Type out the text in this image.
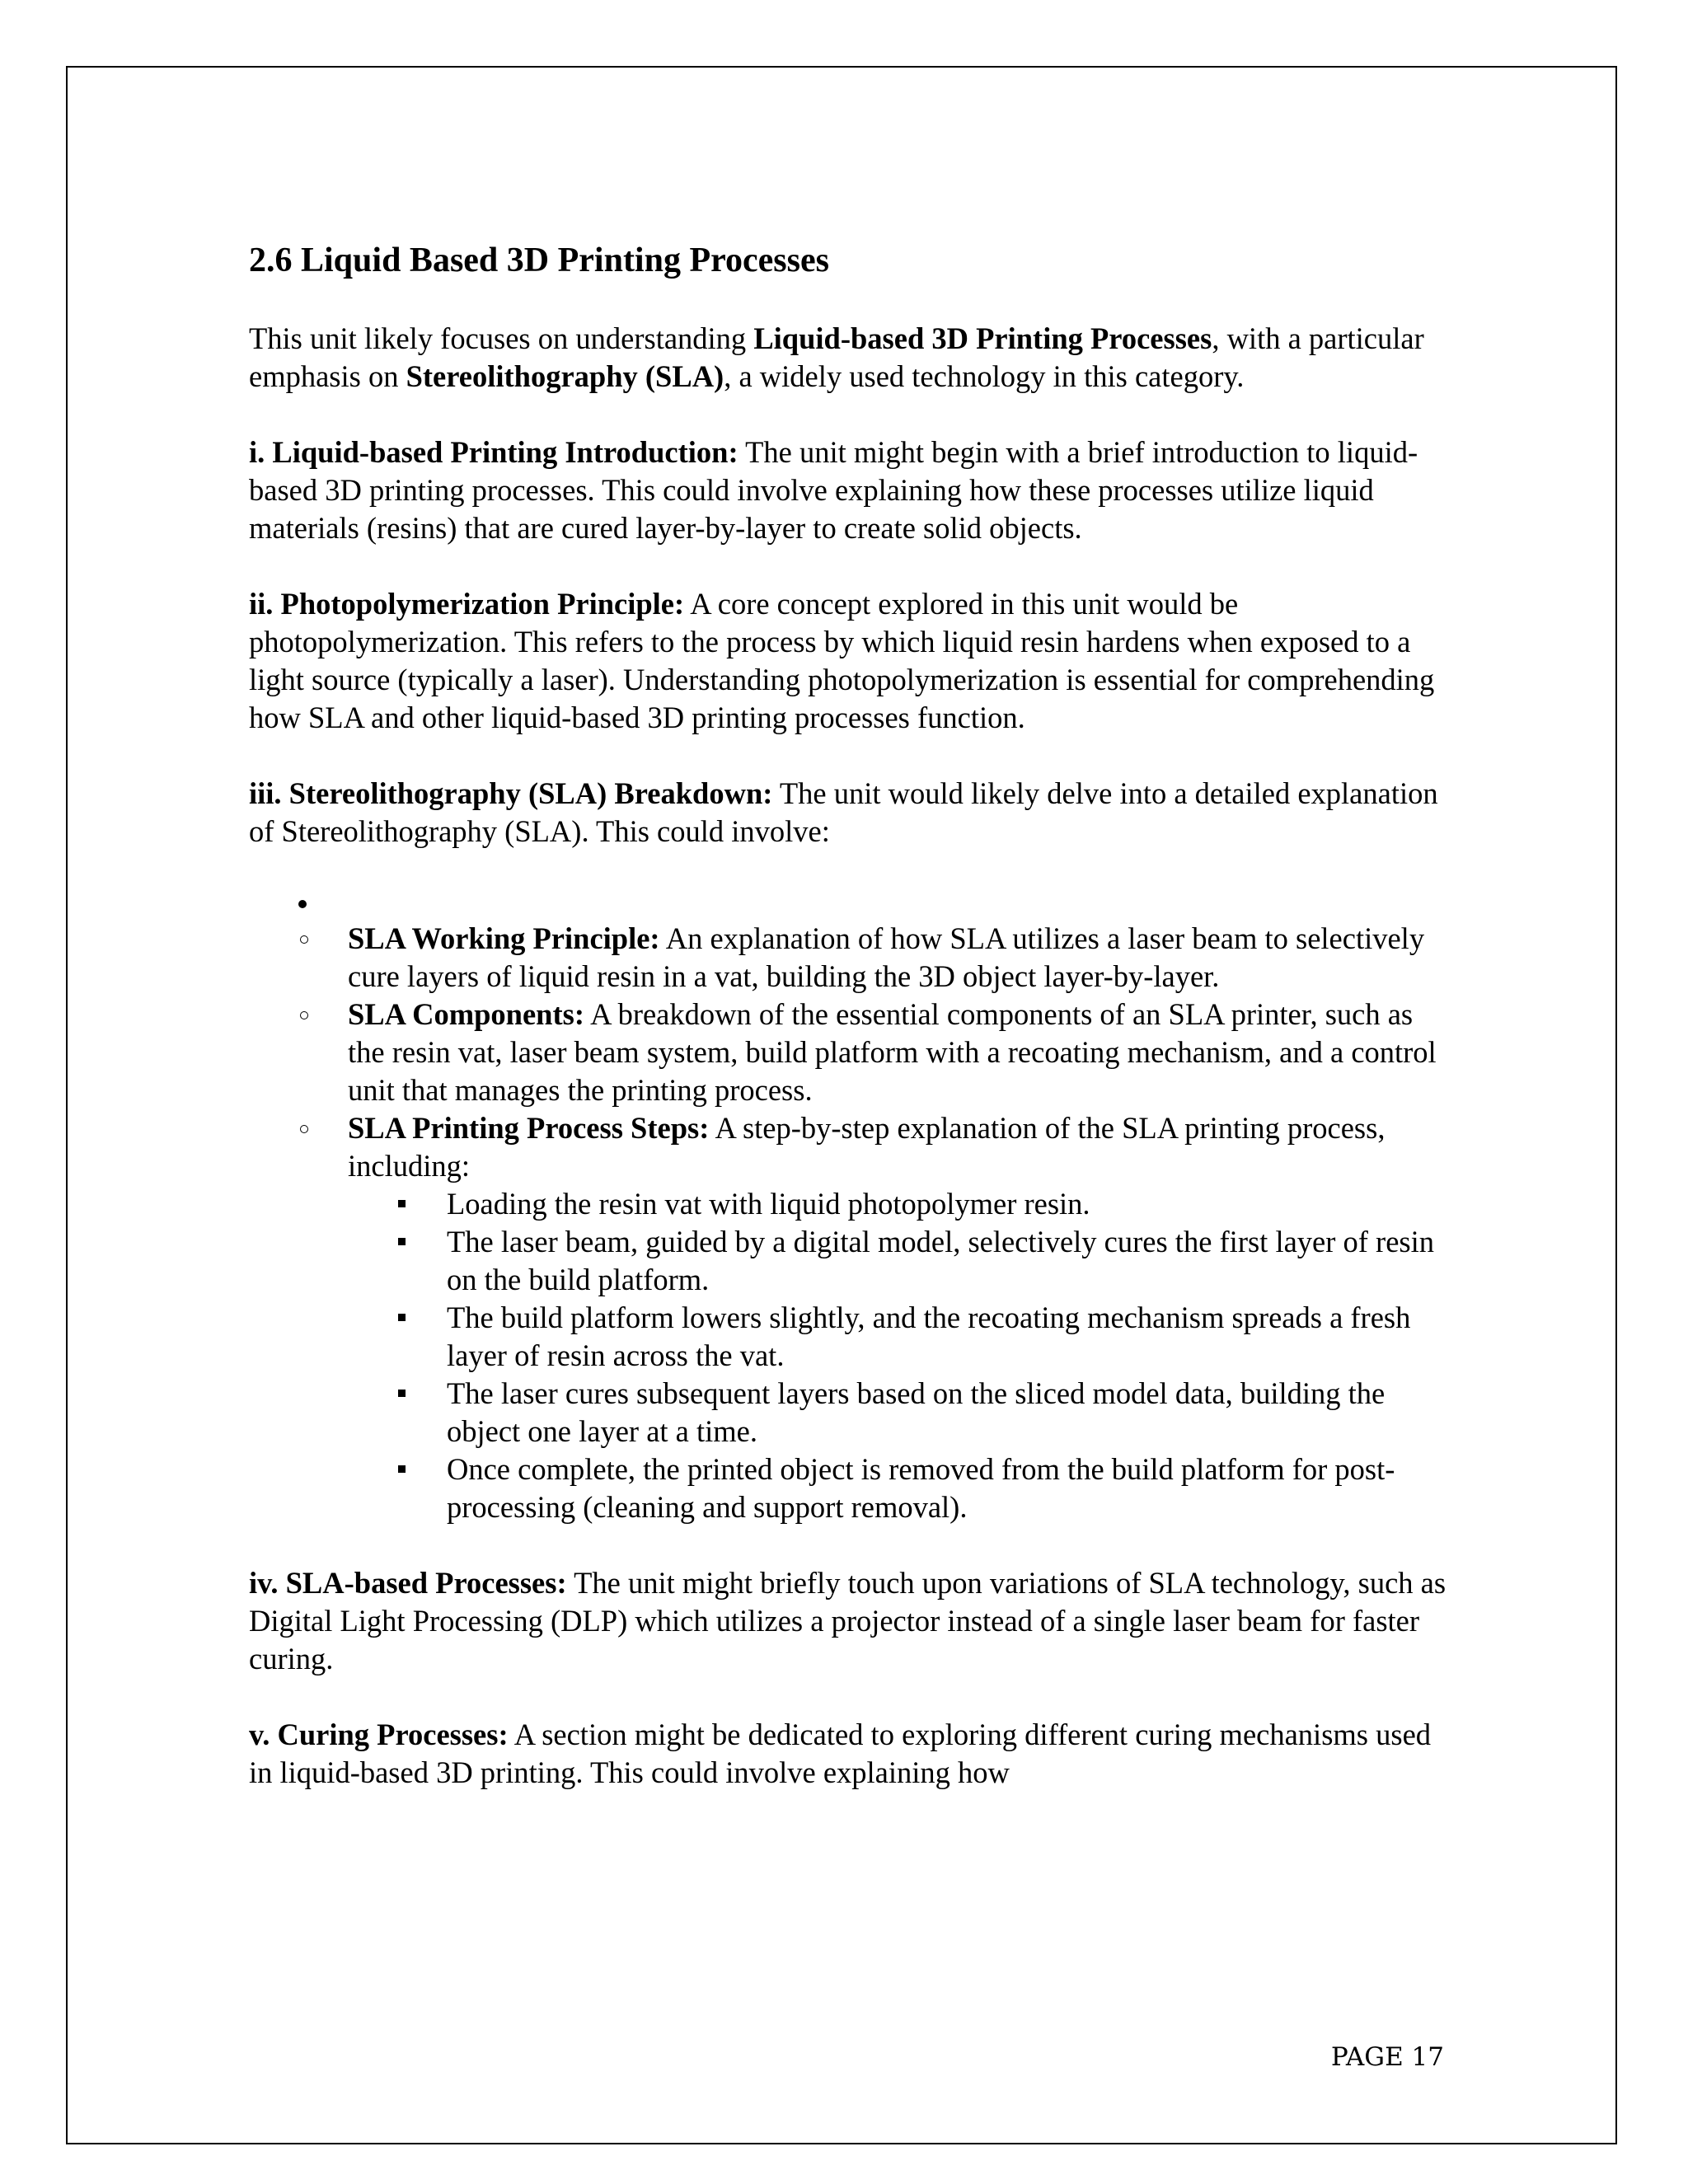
2.6 Liquid Based 3D Printing Processes

This unit likely focuses on understanding Liquid-based 3D Printing Processes, with a particular emphasis on Stereolithography (SLA), a widely used technology in this category.

i. Liquid-based Printing Introduction: The unit might begin with a brief introduction to liquid-based 3D printing processes. This could involve explaining how these processes utilize liquid materials (resins) that are cured layer-by-layer to create solid objects.

ii. Photopolymerization Principle: A core concept explored in this unit would be photopolymerization. This refers to the process by which liquid resin hardens when exposed to a light source (typically a laser). Understanding photopolymerization is essential for comprehending how SLA and other liquid-based 3D printing processes function.

iii. Stereolithography (SLA) Breakdown: The unit would likely delve into a detailed explanation of Stereolithography (SLA). This could involve:

SLA Working Principle: An explanation of how SLA utilizes a laser beam to selectively cure layers of liquid resin in a vat, building the 3D object layer-by-layer.
SLA Components: A breakdown of the essential components of an SLA printer, such as the resin vat, laser beam system, build platform with a recoating mechanism, and a control unit that manages the printing process.
SLA Printing Process Steps: A step-by-step explanation of the SLA printing process, including:
Loading the resin vat with liquid photopolymer resin.
The laser beam, guided by a digital model, selectively cures the first layer of resin on the build platform.
The build platform lowers slightly, and the recoating mechanism spreads a fresh layer of resin across the vat.
The laser cures subsequent layers based on the sliced model data, building the object one layer at a time.
Once complete, the printed object is removed from the build platform for post-processing (cleaning and support removal).

iv. SLA-based Processes: The unit might briefly touch upon variations of SLA technology, such as Digital Light Processing (DLP) which utilizes a projector instead of a single laser beam for faster curing.

v. Curing Processes: A section might be dedicated to exploring different curing mechanisms used in liquid-based 3D printing. This could involve explaining how

PAGE 17
